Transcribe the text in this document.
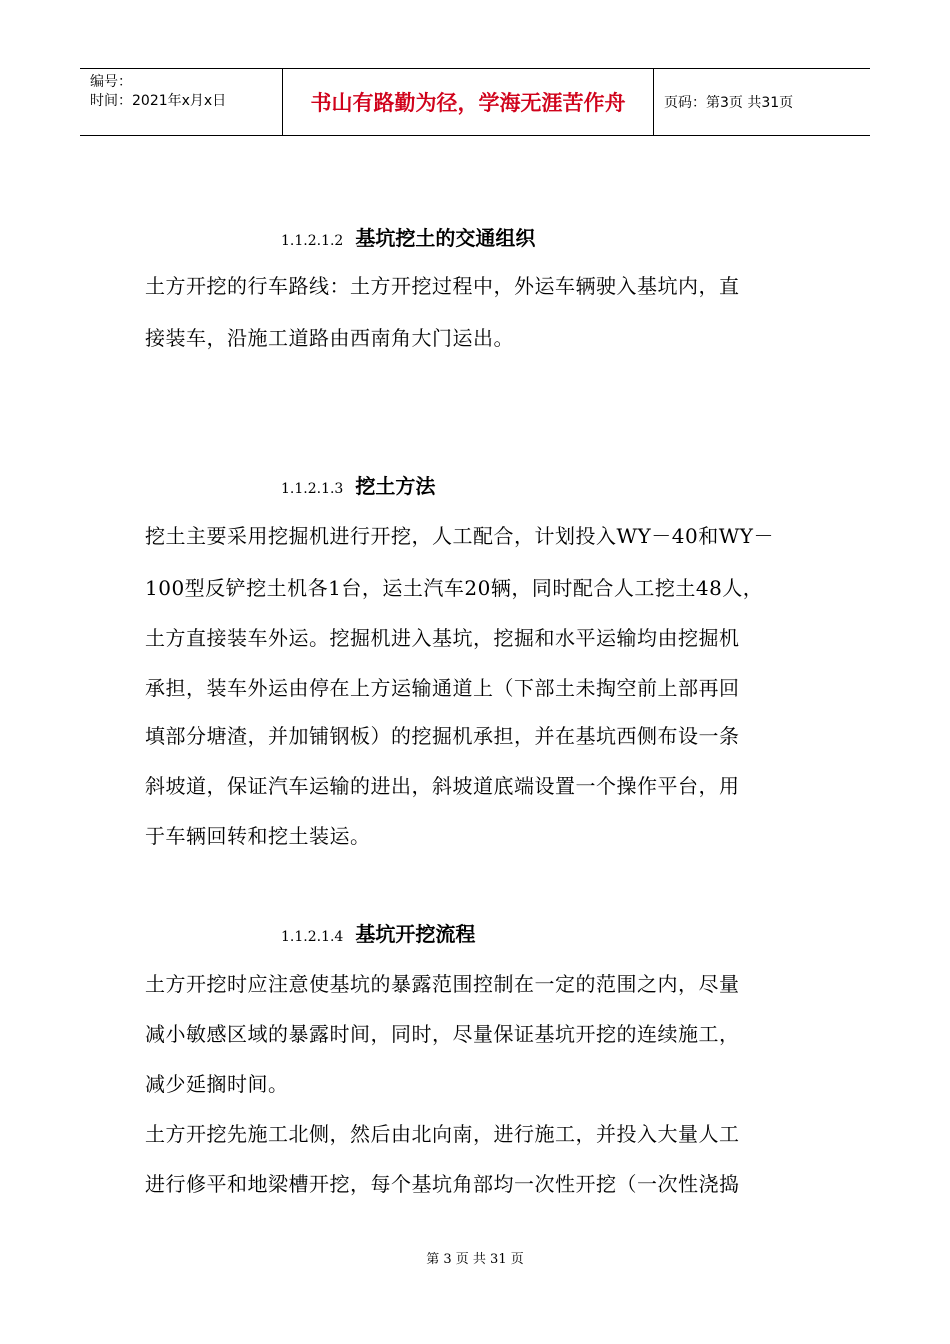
编号：
时间：2021年x月x日	书山有路勤为径，学海无涯苦作舟	页码：第3页 共31页
1.1.2.1.2 基坑挖土的交通组织
土方开挖的行车路线：土方开挖过程中，外运车辆驶入基坑内，直
接装车，沿施工道路由西南角大门运出。
1.1.2.1.3 挖土方法
挖土主要采用挖掘机进行开挖，人工配合，计划投入WY－40和WY－
100型反铲挖土机各1台，运土汽车20辆，同时配合人工挖土48人，
土方直接装车外运。挖掘机进入基坑，挖掘和水平运输均由挖掘机
承担，装车外运由停在上方运输通道上（下部土未掏空前上部再回
填部分塘渣，并加铺钢板）的挖掘机承担，并在基坑西侧布设一条
斜坡道，保证汽车运输的进出，斜坡道底端设置一个操作平台，用
于车辆回转和挖土装运。
1.1.2.1.4 基坑开挖流程
土方开挖时应注意使基坑的暴露范围控制在一定的范围之内，尽量
减小敏感区域的暴露时间，同时，尽量保证基坑开挖的连续施工，
减少延搁时间。
土方开挖先施工北侧，然后由北向南，进行施工，并投入大量人工
进行修平和地梁槽开挖，每个基坑角部均一次性开挖（一次性浇捣
第 3 页 共 31 页
